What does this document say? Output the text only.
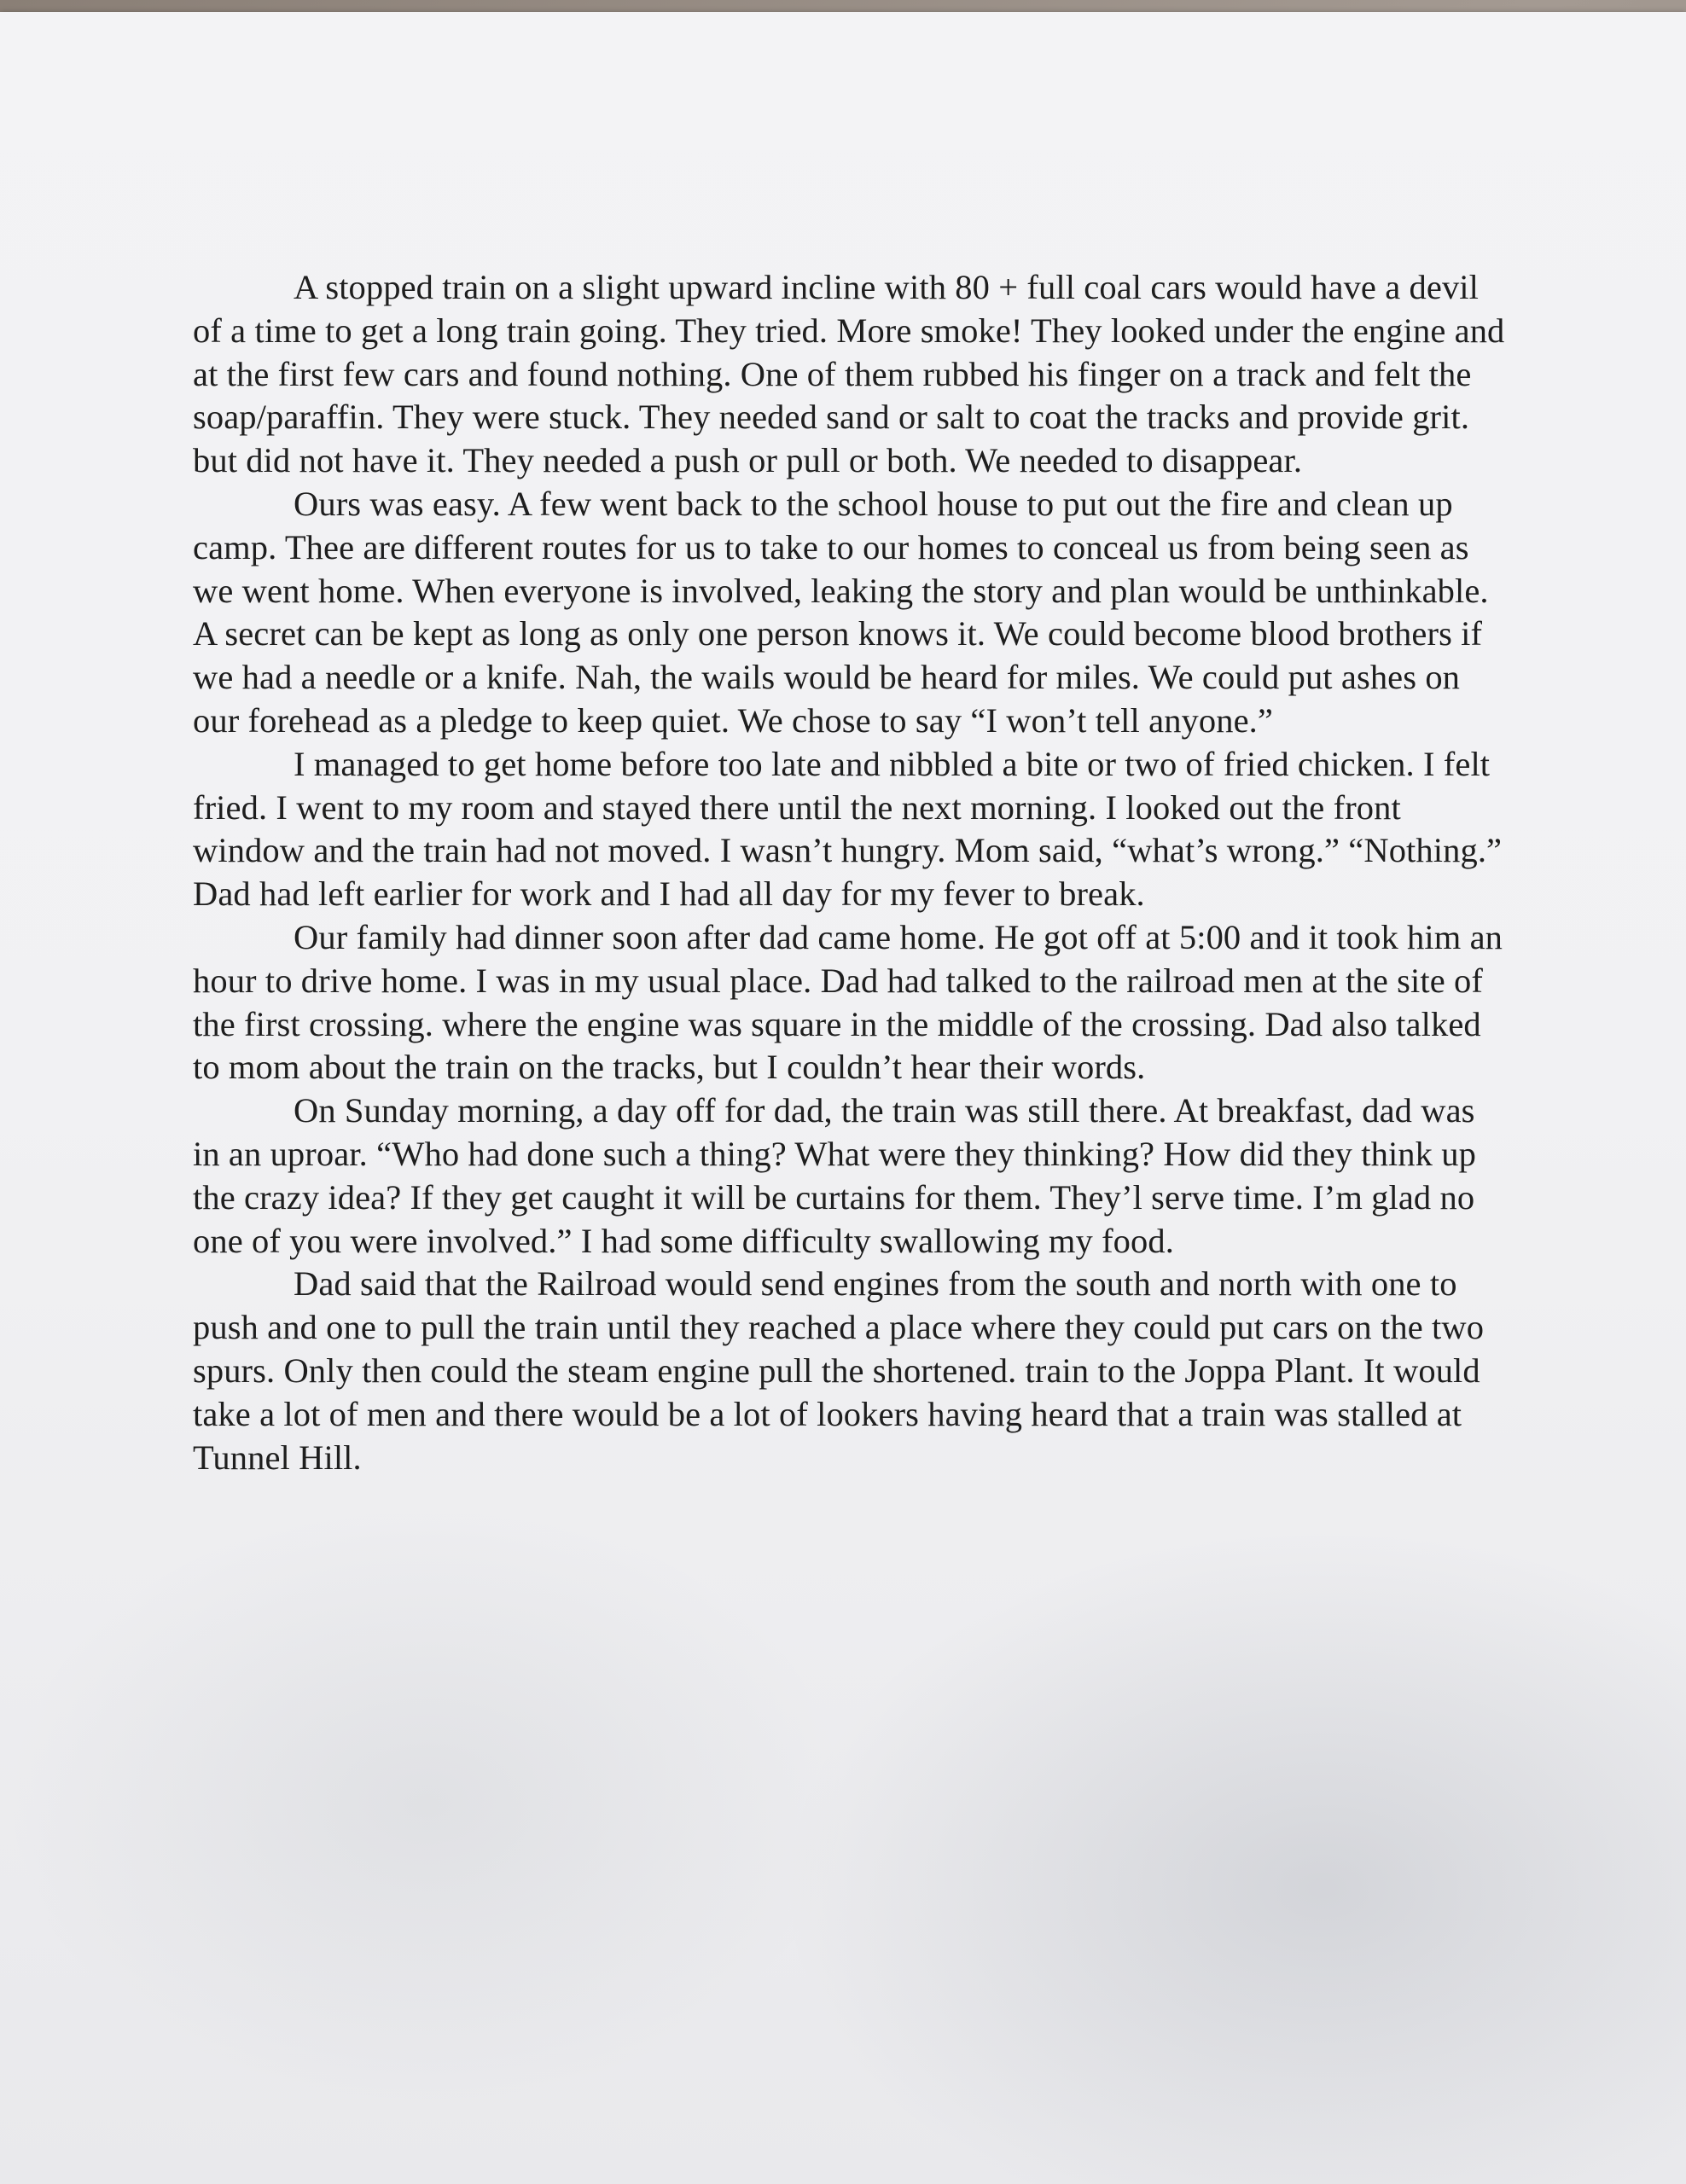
A stopped train on a slight upward incline with 80 + full coal cars would have a devil of a time to get a long train going. They tried. More smoke! They looked under the engine and at the first few cars and found nothing. One of them rubbed his finger on a track and felt the soap/paraffin. They were stuck. They needed sand or salt to coat the tracks and provide grit. but did not have it. They needed a push or pull or both. We needed to disappear.

Ours was easy. A few went back to the school house to put out the fire and clean up camp. Thee are different routes for us to take to our homes to conceal us from being seen as we went home. When everyone is involved, leaking the story and plan would be unthinkable. A secret can be kept as long as only one person knows it. We could become blood brothers if we had a needle or a knife. Nah, the wails would be heard for miles. We could put ashes on our forehead as a pledge to keep quiet. We chose to say “I won’t tell anyone.”

I managed to get home before too late and nibbled a bite or two of fried chicken. I felt fried. I went to my room and stayed there until the next morning. I looked out the front window and the train had not moved. I wasn’t hungry. Mom said, “what’s wrong.” “Nothing.” Dad had left earlier for work and I had all day for my fever to break.

Our family had dinner soon after dad came home. He got off at 5:00 and it took him an hour to drive home. I was in my usual place. Dad had talked to the railroad men at the site of the first crossing. where the engine was square in the middle of the crossing. Dad also talked to mom about the train on the tracks, but I couldn’t hear their words.

On Sunday morning, a day off for dad, the train was still there. At breakfast, dad was in an uproar. “Who had done such a thing? What were they thinking? How did they think up the crazy idea? If they get caught it will be curtains for them. They’l serve time. I’m glad no one of you were involved.” I had some difficulty swallowing my food.

Dad said that the Railroad would send engines from the south and north with one to push and one to pull the train until they reached a place where they could put cars on the two spurs. Only then could the steam engine pull the shortened. train to the Joppa Plant. It would take a lot of men and there would be a lot of lookers having heard that a train was stalled at Tunnel Hill.
